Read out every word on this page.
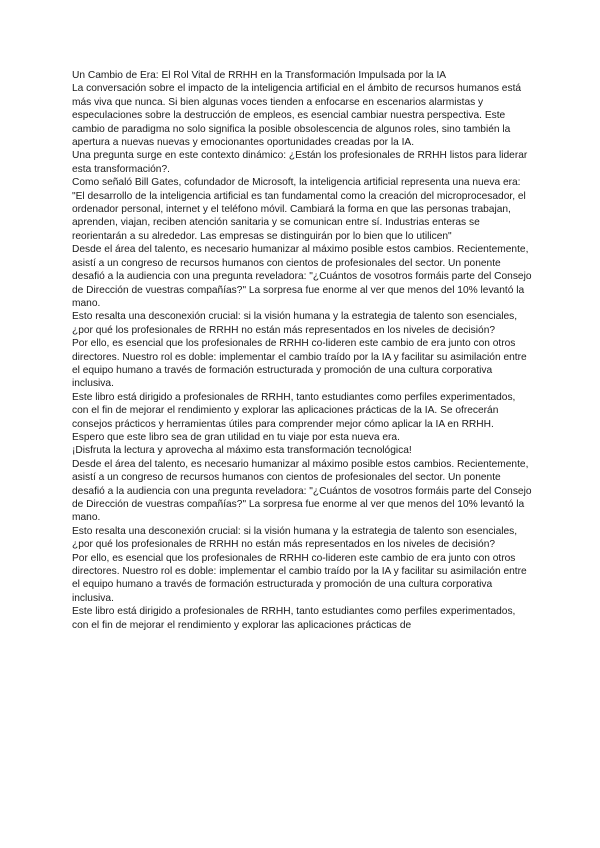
Un Cambio de Era: El Rol Vital de RRHH en la Transformación Impulsada por la IA

La conversación sobre el impacto de la inteligencia artificial en el ámbito de recursos humanos está más viva que nunca. Si bien algunas voces tienden a enfocarse en escenarios alarmistas y especulaciones sobre la destrucción de empleos, es esencial cambiar nuestra perspectiva. Este cambio de paradigma no solo significa la posible obsolescencia de algunos roles, sino también la apertura a nuevas nuevas y emocionantes oportunidades creadas por la IA.

Una pregunta surge en este contexto dinámico: ¿Están los profesionales de RRHH listos para liderar esta transformación?.

Como señaló Bill Gates, cofundador de Microsoft, la inteligencia artificial representa una nueva era: "El desarrollo de la inteligencia artificial es tan fundamental como la creación del microprocesador, el ordenador personal, internet y el teléfono móvil. Cambiará la forma en que las personas trabajan, aprenden, viajan, reciben atención sanitaria y se comunican entre sí. Industrias enteras se reorientarán a su alrededor. Las empresas se distinguirán por lo bien que lo utilicen"

Desde el área del talento, es necesario humanizar al máximo posible estos cambios. Recientemente, asistí a un congreso de recursos humanos con cientos de profesionales del sector. Un ponente desafió a la audiencia con una pregunta reveladora: "¿Cuántos de vosotros formáis parte del Consejo de Dirección de vuestras compañías?" La sorpresa fue enorme al ver que menos del 10% levantó la mano.

Esto resalta una desconexión crucial: si la visión humana y la estrategia de talento son esenciales, ¿por qué los profesionales de RRHH no están más representados en los niveles de decisión?

Por ello, es esencial que los profesionales de RRHH co-lideren este cambio de era junto con otros directores. Nuestro rol es doble: implementar el cambio traído por la IA y facilitar su asimilación entre el equipo humano a través de formación estructurada y promoción de una cultura corporativa inclusiva.

Este libro está dirigido a profesionales de RRHH, tanto estudiantes como perfiles experimentados, con el fin de mejorar el rendimiento y explorar las aplicaciones prácticas de la IA. Se ofrecerán consejos prácticos y herramientas útiles para comprender mejor cómo aplicar la IA en RRHH.

Espero que este libro sea de gran utilidad en tu viaje por esta nueva era.

¡Disfruta la lectura y aprovecha al máximo esta transformación tecnológica!

Desde el área del talento, es necesario humanizar al máximo posible estos cambios. Recientemente, asistí a un congreso de recursos humanos con cientos de profesionales del sector. Un ponente desafió a la audiencia con una pregunta reveladora: "¿Cuántos de vosotros formáis parte del Consejo de Dirección de vuestras compañías?" La sorpresa fue enorme al ver que menos del 10% levantó la mano.

Esto resalta una desconexión crucial: si la visión humana y la estrategia de talento son esenciales, ¿por qué los profesionales de RRHH no están más representados en los niveles de decisión?

Por ello, es esencial que los profesionales de RRHH co-lideren este cambio de era junto con otros directores. Nuestro rol es doble: implementar el cambio traído por la IA y facilitar su asimilación entre el equipo humano a través de formación estructurada y promoción de una cultura corporativa inclusiva.

Este libro está dirigido a profesionales de RRHH, tanto estudiantes como perfiles experimentados, con el fin de mejorar el rendimiento y explorar las aplicaciones prácticas de
